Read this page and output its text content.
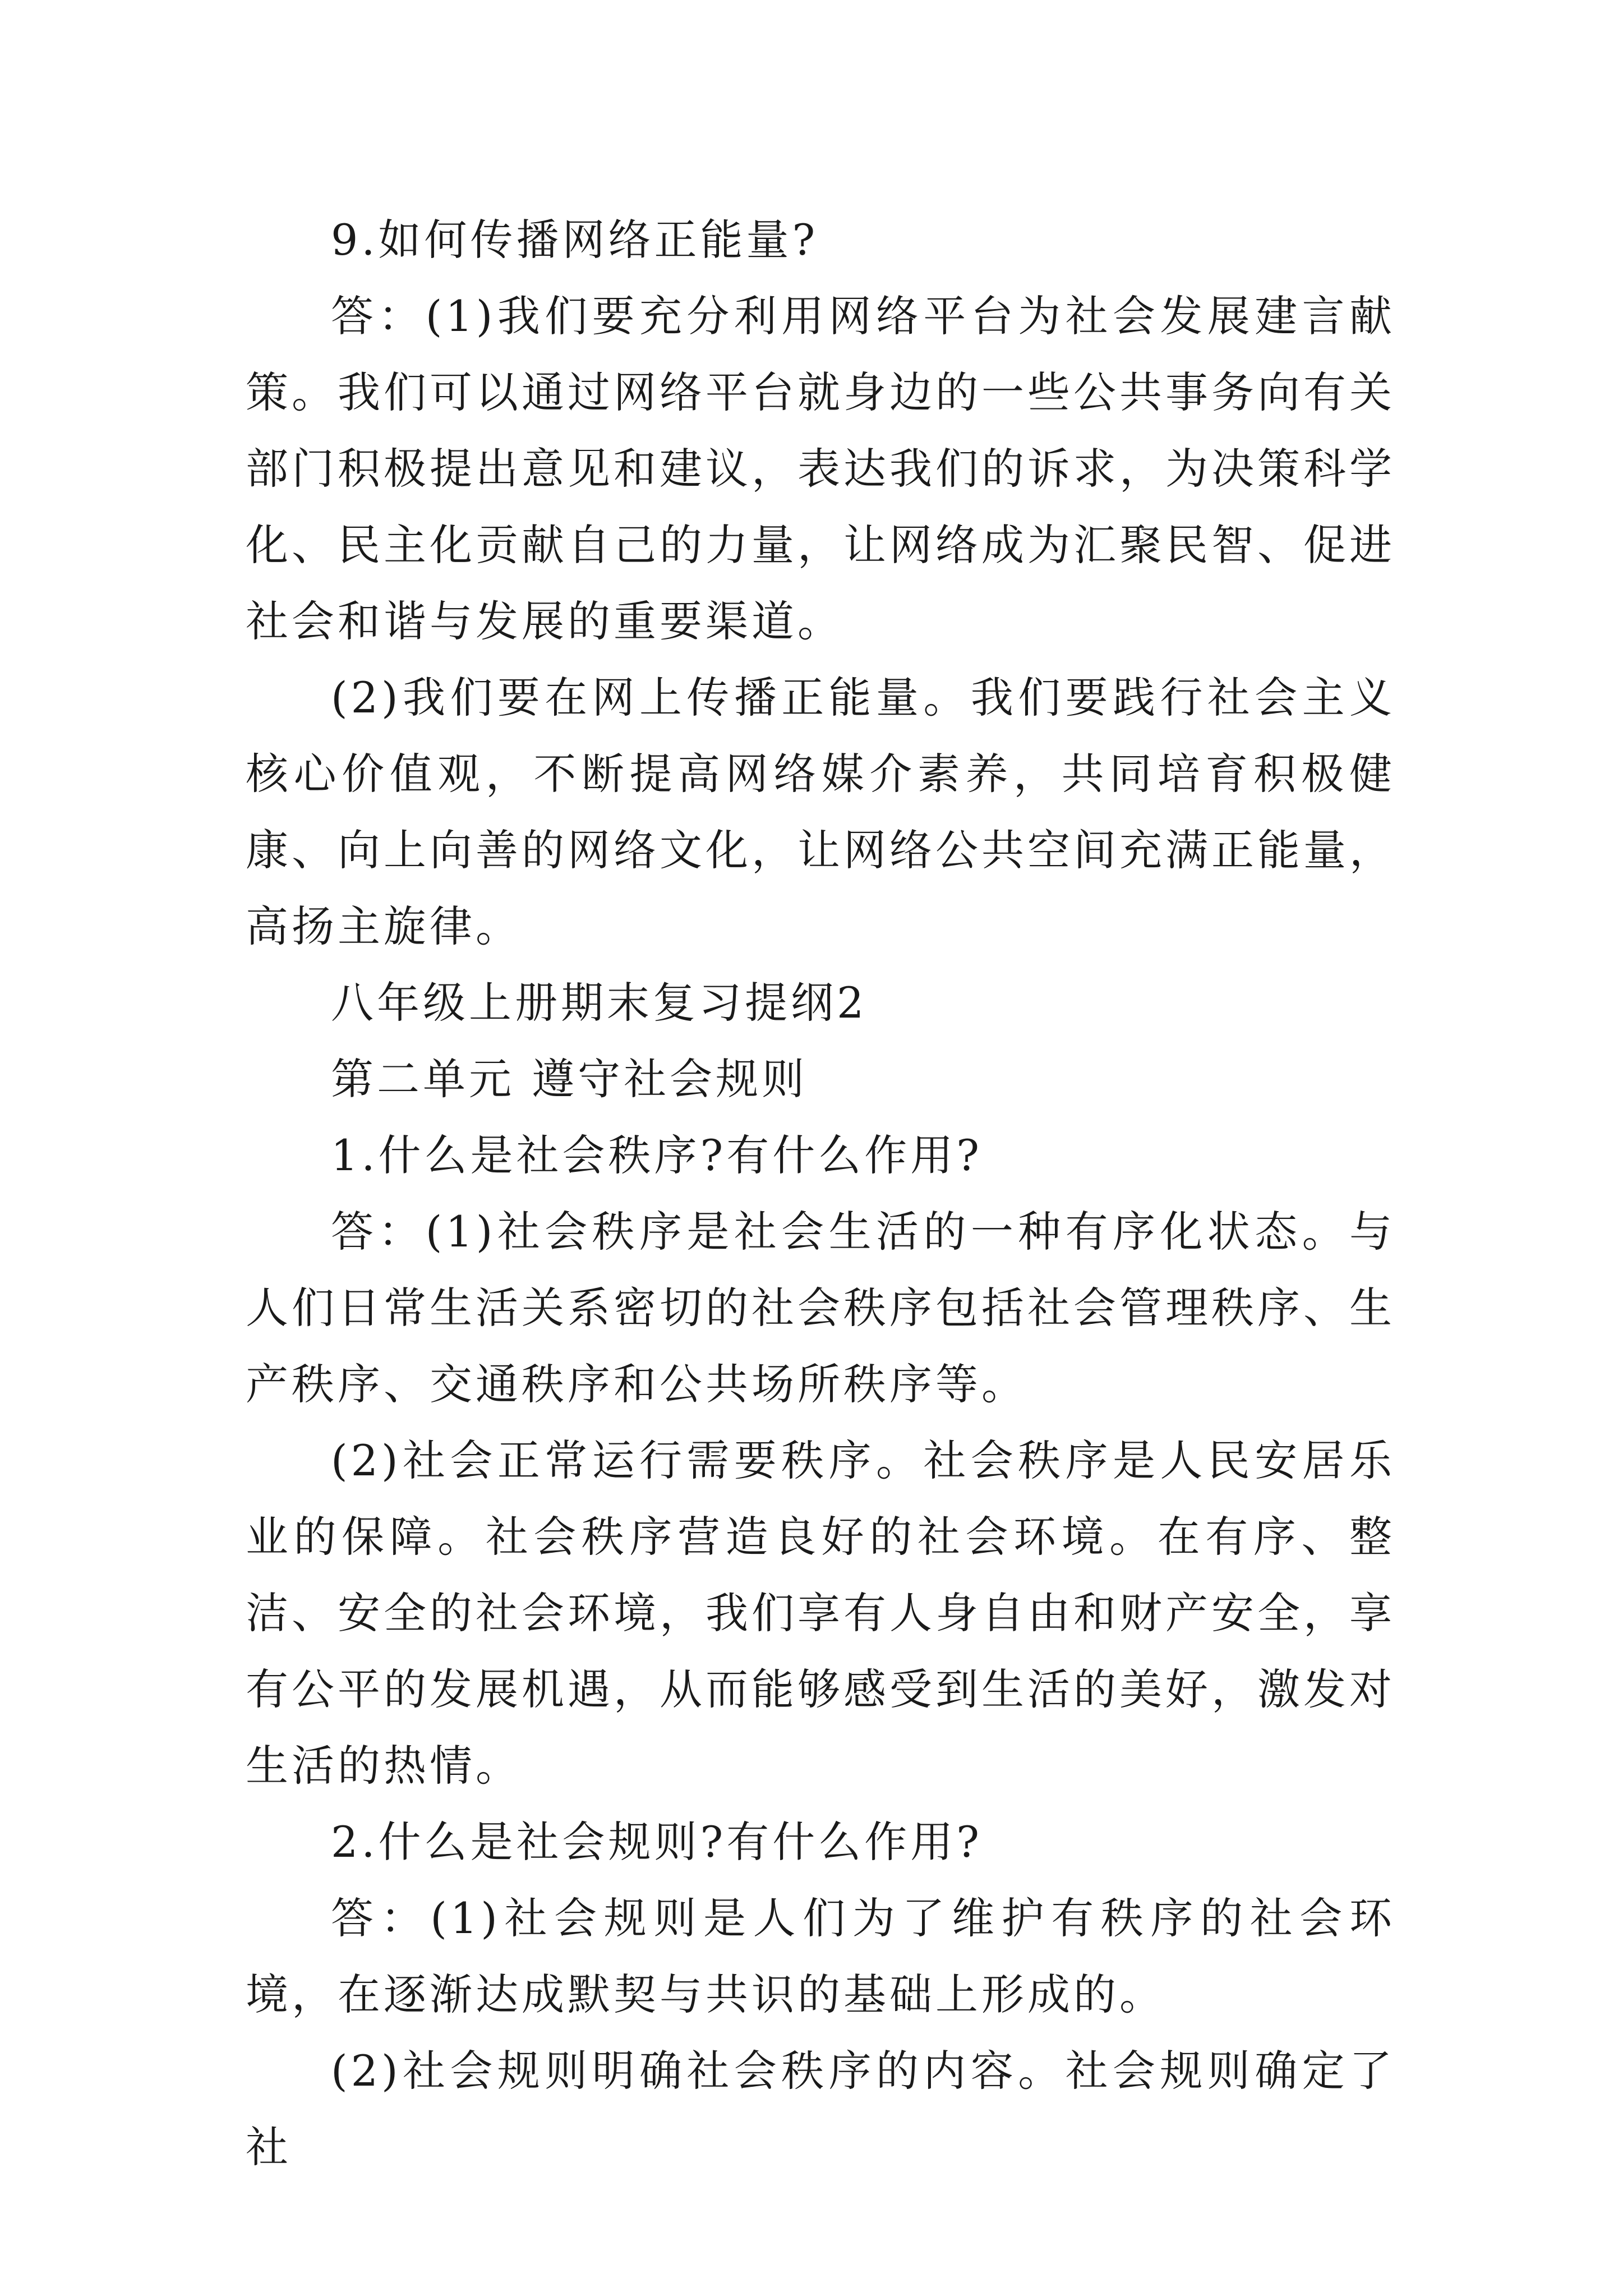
9.如何传播网络正能量?

答：(1)我们要充分利用网络平台为社会发展建言献策。我们可以通过网络平台就身边的一些公共事务向有关部门积极提出意见和建议，表达我们的诉求，为决策科学化、民主化贡献自己的力量，让网络成为汇聚民智、促进社会和谐与发展的重要渠道。

(2)我们要在网上传播正能量。我们要践行社会主义核心价值观，不断提高网络媒介素养，共同培育积极健康、向上向善的网络文化，让网络公共空间充满正能量，高扬主旋律。

八年级上册期末复习提纲2

第二单元 遵守社会规则

1.什么是社会秩序?有什么作用?

答：(1)社会秩序是社会生活的一种有序化状态。与人们日常生活关系密切的社会秩序包括社会管理秩序、生产秩序、交通秩序和公共场所秩序等。

(2)社会正常运行需要秩序。社会秩序是人民安居乐业的保障。社会秩序营造良好的社会环境。在有序、整洁、安全的社会环境，我们享有人身自由和财产安全，享有公平的发展机遇，从而能够感受到生活的美好，激发对生活的热情。

2.什么是社会规则?有什么作用?

答：(1)社会规则是人们为了维护有秩序的社会环境，在逐渐达成默契与共识的基础上形成的。

(2)社会规则明确社会秩序的内容。社会规则确定了社
